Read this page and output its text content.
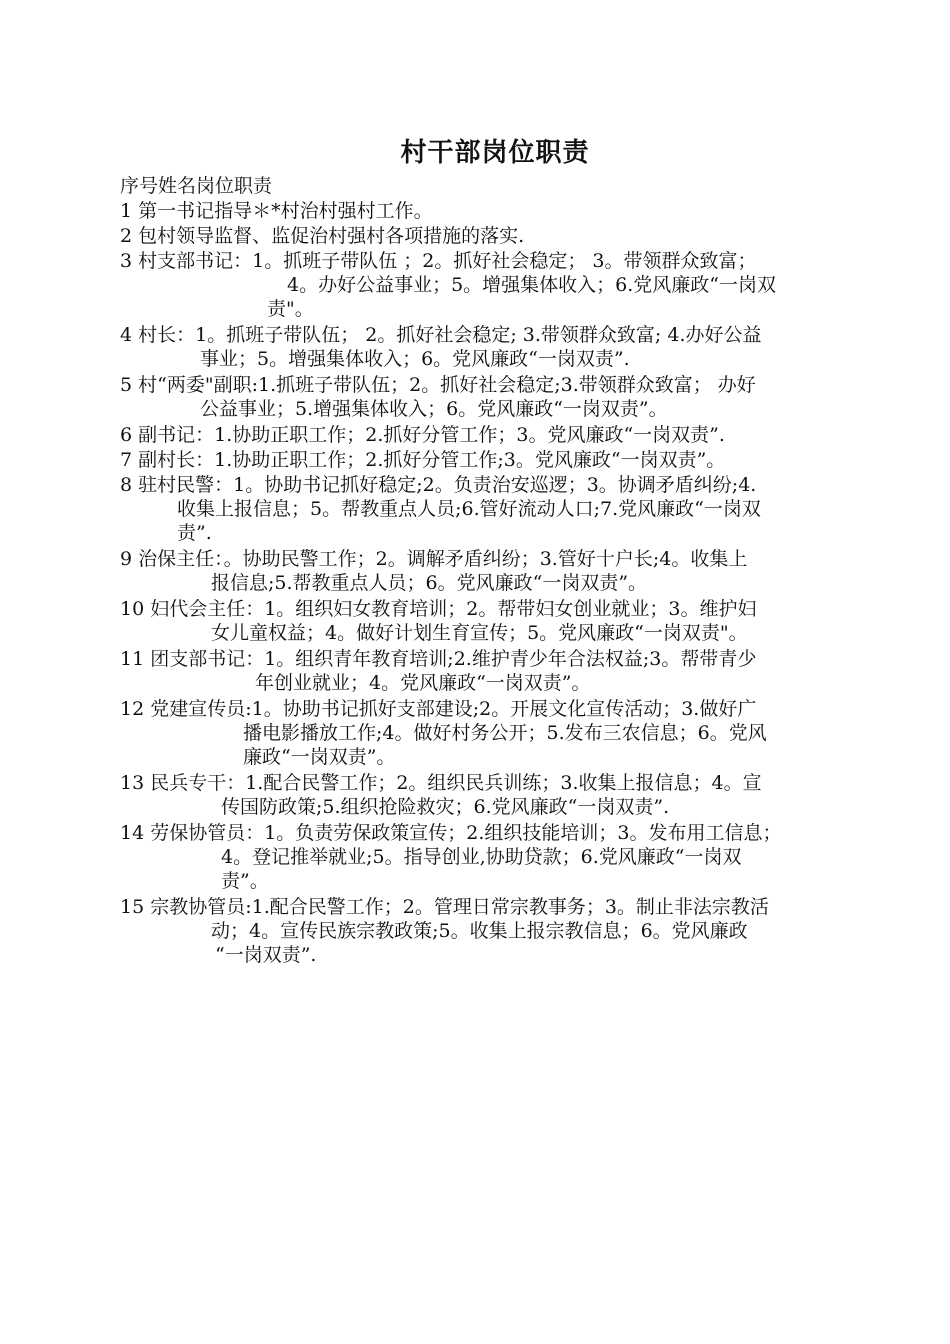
村干部岗位职责
序号姓名岗位职责
1 第一书记指导＊*村治村强村工作。
2 包村领导监督、监促治村强村各项措施的落实.
3 村支部书记：1。抓班子带队伍 ；2。抓好社会稳定； 3。带领群众致富；
4。办好公益事业；5。增强集体收入；6.党风廉政“一岗双
责"。
4 村长：1。抓班子带队伍； 2。抓好社会稳定; 3.带领群众致富; 4.办好公益
事业；5。增强集体收入；6。党风廉政“一岗双责”.
5 村“两委"副职:1.抓班子带队伍；2。抓好社会稳定;3.带领群众致富； 办好
公益事业；5.增强集体收入；6。党风廉政“一岗双责”。
6 副书记：1.协助正职工作；2.抓好分管工作；3。党风廉政“一岗双责”.
7 副村长：1.协助正职工作；2.抓好分管工作;3。党风廉政“一岗双责”。
8 驻村民警：1。协助书记抓好稳定;2。负责治安巡逻；3。协调矛盾纠纷;4.
收集上报信息；5。帮教重点人员;6.管好流动人口;7.党风廉政“一岗双
责”.
9 治保主任：。协助民警工作；2。调解矛盾纠纷；3.管好十户长;4。收集上
报信息;5.帮教重点人员；6。党风廉政“一岗双责”。
10 妇代会主任：1。组织妇女教育培训；2。帮带妇女创业就业；3。维护妇
女儿童权益；4。做好计划生育宣传；5。党风廉政“一岗双责"。
11 团支部书记：1。组织青年教育培训;2.维护青少年合法权益;3。帮带青少
年创业就业；4。党风廉政“一岗双责”。
12 党建宣传员:1。协助书记抓好支部建设;2。开展文化宣传活动；3.做好广
播电影播放工作;4。做好村务公开；5.发布三农信息；6。党风
廉政“一岗双责”。
13 民兵专干：1.配合民警工作；2。组织民兵训练；3.收集上报信息；4。宣
传国防政策;5.组织抢险救灾；6.党风廉政“一岗双责”.
14 劳保协管员：1。负责劳保政策宣传；2.组织技能培训；3。发布用工信息；
4。登记推举就业;5。指导创业,协助贷款；6.党风廉政“一岗双
责”。
15 宗教协管员:1.配合民警工作；2。管理日常宗教事务；3。制止非法宗教活
动；4。宣传民族宗教政策;5。收集上报宗教信息；6。党风廉政
“一岗双责”.
